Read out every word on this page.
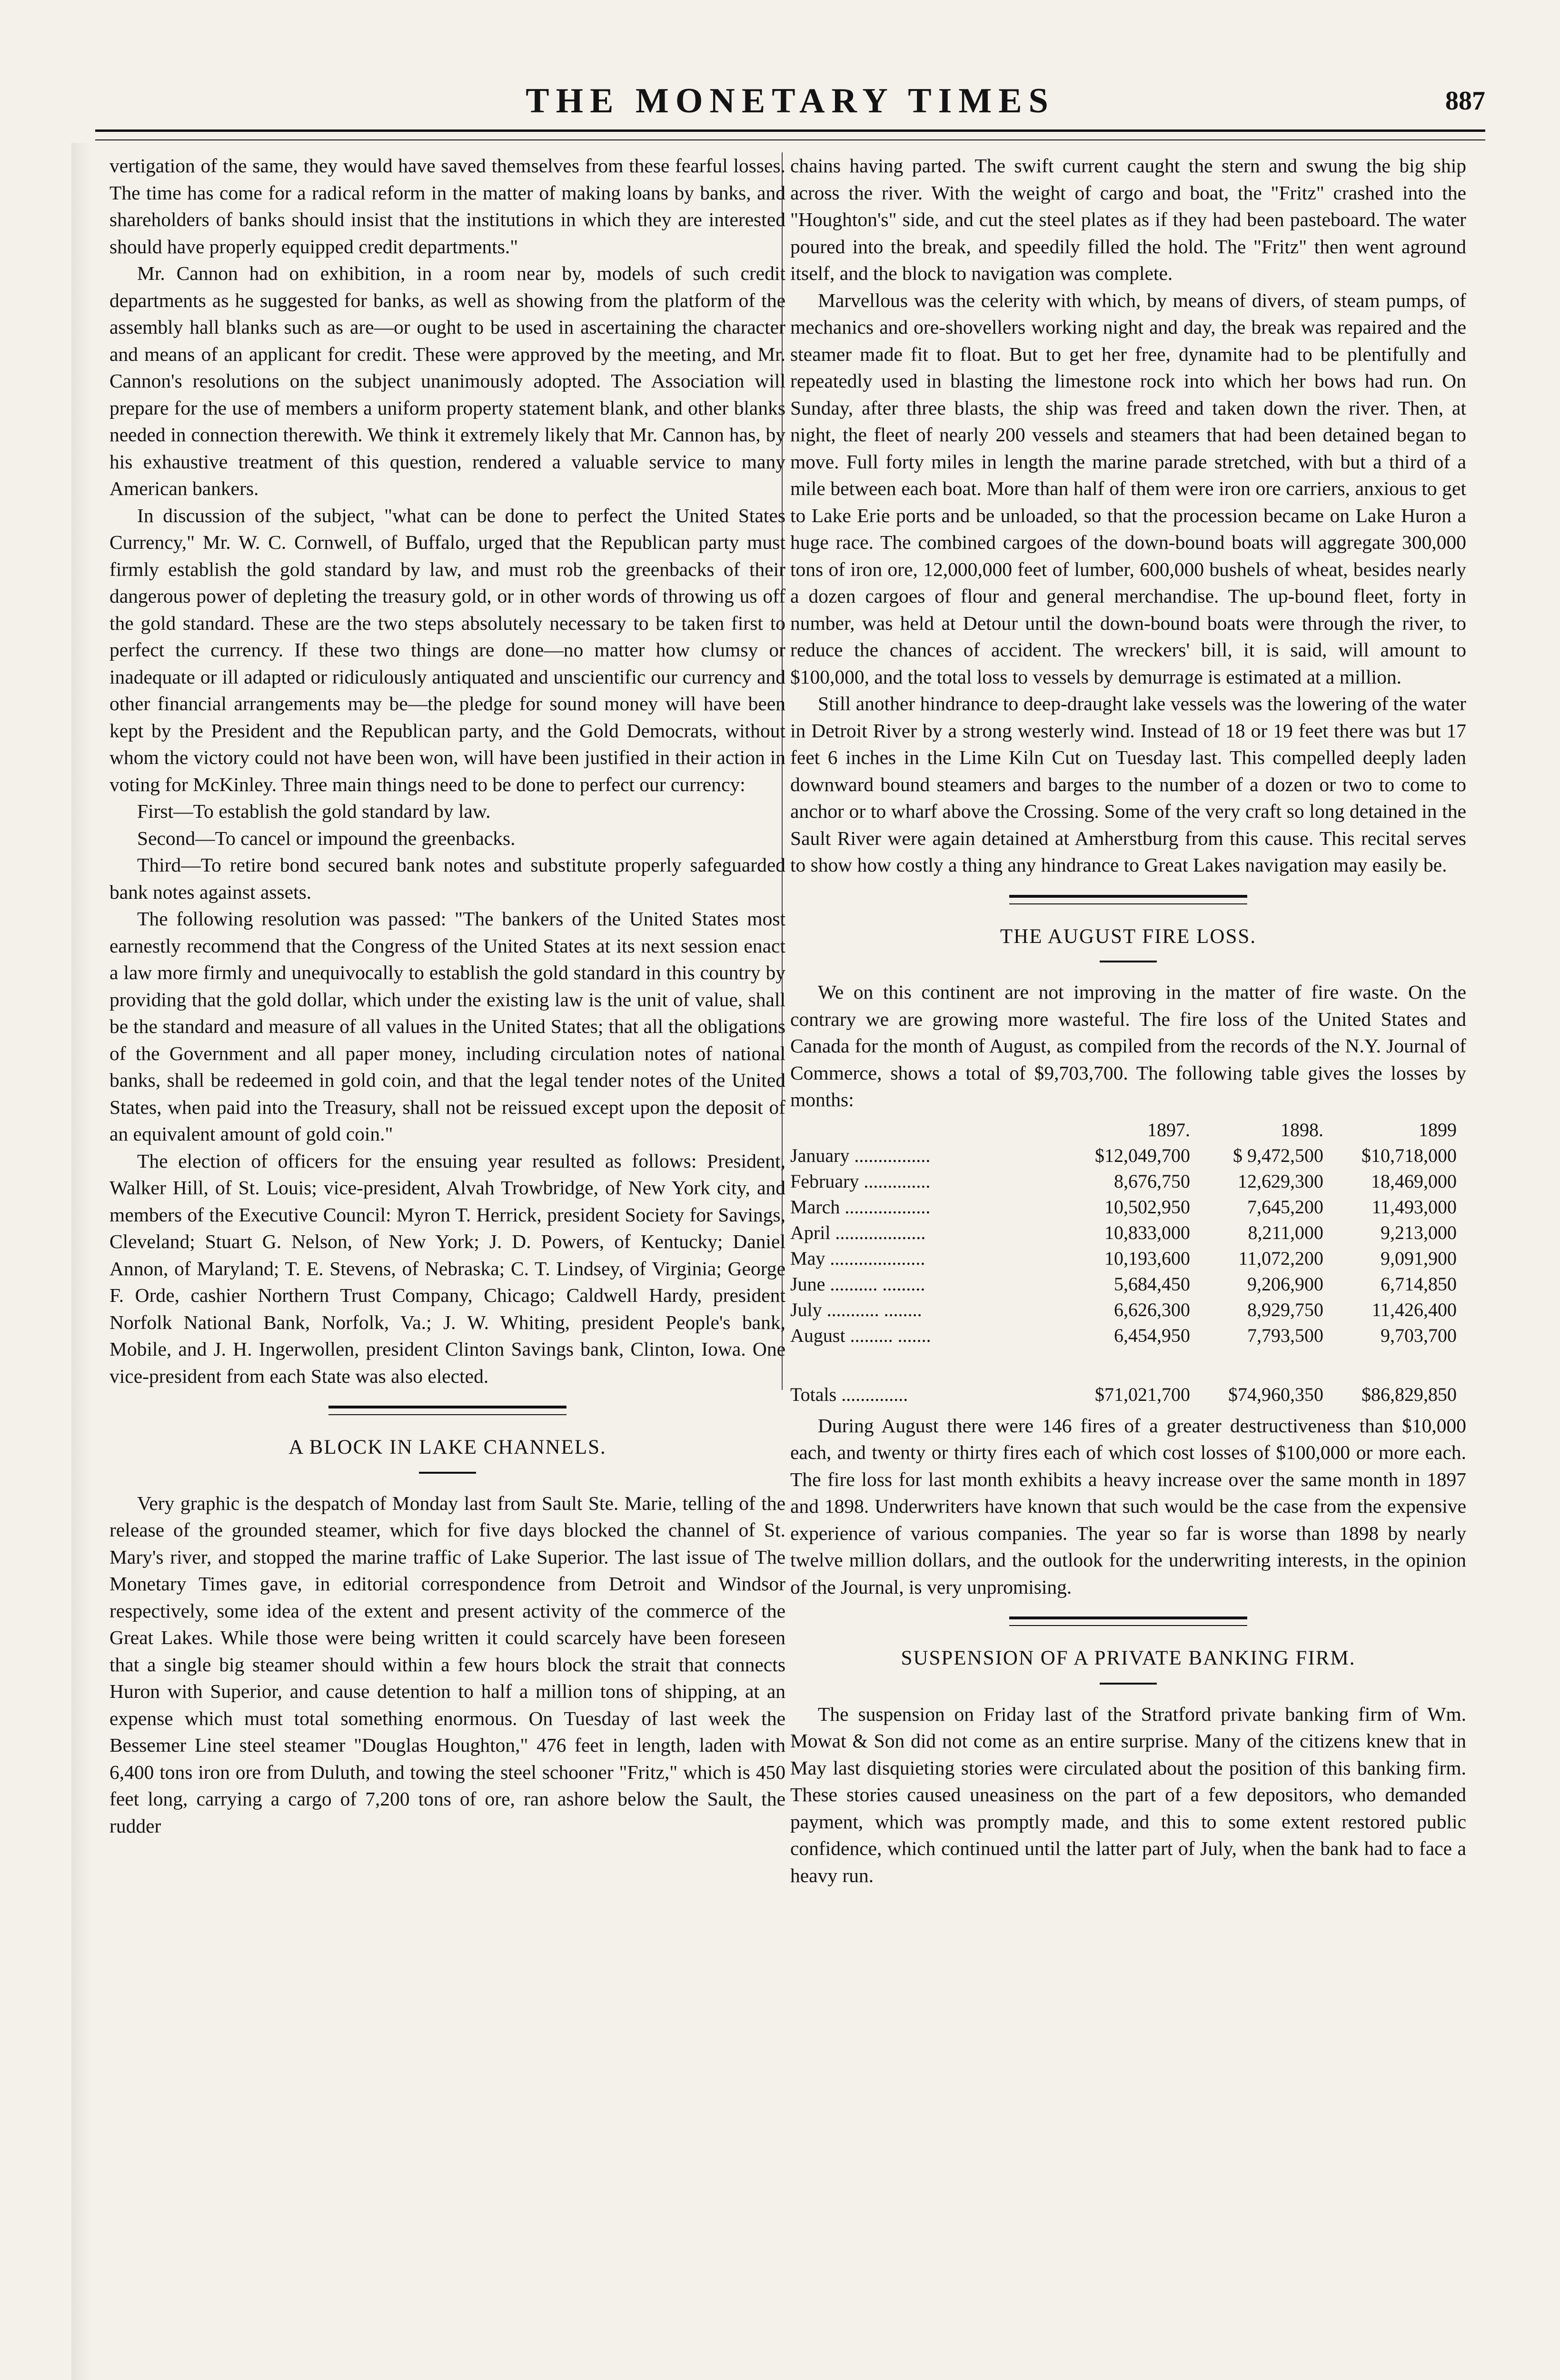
THE MONETARY TIMES	887

vertigation of the same, they would have saved themselves from these fearful losses. The time has come for a radical reform in the matter of making loans by banks, and shareholders of banks should insist that the institutions in which they are interested should have properly equipped credit departments."

Mr. Cannon had on exhibition, in a room near by, models of such credit departments as he suggested for banks, as well as showing from the platform of the assembly hall blanks such as are—or ought to be used in ascertaining the character and means of an applicant for credit. These were approved by the meeting, and Mr. Cannon's resolutions on the subject unanimously adopted. The Association will prepare for the use of members a uniform property statement blank, and other blanks needed in connection therewith. We think it extremely likely that Mr. Cannon has, by his exhaustive treatment of this question, rendered a valuable service to many American bankers.

In discussion of the subject, "what can be done to perfect the United States Currency," Mr. W. C. Cornwell, of Buffalo, urged that the Republican party must firmly establish the gold standard by law, and must rob the greenbacks of their dangerous power of depleting the treasury gold, or in other words of throwing us off the gold standard. These are the two steps absolutely necessary to be taken first to perfect the currency. If these two things are done—no matter how clumsy or inadequate or ill adapted or ridiculously antiquated and unscientific our currency and other financial arrangements may be—the pledge for sound money will have been kept by the President and the Republican party, and the Gold Democrats, without whom the victory could not have been won, will have been justified in their action in voting for McKinley. Three main things need to be done to perfect our currency:

First—To establish the gold standard by law.

Second—To cancel or impound the greenbacks.

Third—To retire bond secured bank notes and substitute properly safeguarded bank notes against assets.

The following resolution was passed: "The bankers of the United States most earnestly recommend that the Congress of the United States at its next session enact a law more firmly and unequivocally to establish the gold standard in this country by providing that the gold dollar, which under the existing law is the unit of value, shall be the standard and measure of all values in the United States; that all the obligations of the Government and all paper money, including circulation notes of national banks, shall be redeemed in gold coin, and that the legal tender notes of the United States, when paid into the Treasury, shall not be reissued except upon the deposit of an equivalent amount of gold coin."

The election of officers for the ensuing year resulted as follows: President, Walker Hill, of St. Louis; vice-president, Alvah Trowbridge, of New York city, and members of the Executive Council: Myron T. Herrick, president Society for Savings, Cleveland; Stuart G. Nelson, of New York; J. D. Powers, of Kentucky; Daniel Annon, of Maryland; T. E. Stevens, of Nebraska; C. T. Lindsey, of Virginia; George F. Orde, cashier Northern Trust Company, Chicago; Caldwell Hardy, president Norfolk National Bank, Norfolk, Va.; J. W. Whiting, president People's bank, Mobile, and J. H. Ingerwollen, president Clinton Savings bank, Clinton, Iowa. One vice-president from each State was also elected.

A BLOCK IN LAKE CHANNELS.

Very graphic is the despatch of Monday last from Sault Ste. Marie, telling of the release of the grounded steamer, which for five days blocked the channel of St. Mary's river, and stopped the marine traffic of Lake Superior. The last issue of The Monetary Times gave, in editorial correspondence from Detroit and Windsor respectively, some idea of the extent and present activity of the commerce of the Great Lakes. While those were being written it could scarcely have been foreseen that a single big steamer should within a few hours block the strait that connects Huron with Superior, and cause detention to half a million tons of shipping, at an expense which must total something enormous. On Tuesday of last week the Bessemer Line steel steamer "Douglas Houghton," 476 feet in length, laden with 6,400 tons iron ore from Duluth, and towing the steel schooner "Fritz," which is 450 feet long, carrying a cargo of 7,200 tons of ore, ran ashore below the Sault, the rudder

chains having parted. The swift current caught the stern and swung the big ship across the river. With the weight of cargo and boat, the "Fritz" crashed into the "Houghton's" side, and cut the steel plates as if they had been pasteboard. The water poured into the break, and speedily filled the hold. The "Fritz" then went aground itself, and the block to navigation was complete.

Marvellous was the celerity with which, by means of divers, of steam pumps, of mechanics and ore-shovellers working night and day, the break was repaired and the steamer made fit to float. But to get her free, dynamite had to be plentifully and repeatedly used in blasting the limestone rock into which her bows had run. On Sunday, after three blasts, the ship was freed and taken down the river. Then, at night, the fleet of nearly 200 vessels and steamers that had been detained began to move. Full forty miles in length the marine parade stretched, with but a third of a mile between each boat. More than half of them were iron ore carriers, anxious to get to Lake Erie ports and be unloaded, so that the procession became on Lake Huron a huge race. The combined cargoes of the down-bound boats will aggregate 300,000 tons of iron ore, 12,000,000 feet of lumber, 600,000 bushels of wheat, besides nearly a dozen cargoes of flour and general merchandise. The up-bound fleet, forty in number, was held at Detour until the down-bound boats were through the river, to reduce the chances of accident. The wreckers' bill, it is said, will amount to $100,000, and the total loss to vessels by demurrage is estimated at a million.

Still another hindrance to deep-draught lake vessels was the lowering of the water in Detroit River by a strong westerly wind. Instead of 18 or 19 feet there was but 17 feet 6 inches in the Lime Kiln Cut on Tuesday last. This compelled deeply laden downward bound steamers and barges to the number of a dozen or two to come to anchor or to wharf above the Crossing. Some of the very craft so long detained in the Sault River were again detained at Amherstburg from this cause. This recital serves to show how costly a thing any hindrance to Great Lakes navigation may easily be.

THE AUGUST FIRE LOSS.

We on this continent are not improving in the matter of fire waste. On the contrary we are growing more wasteful. The fire loss of the United States and Canada for the month of August, as compiled from the records of the N.Y. Journal of Commerce, shows a total of $9,703,700. The following table gives the losses by months:

	1897.	1898.	1899
January ................	$12,049,700	$ 9,472,500	$10,718,000
February ..............	8,676,750	12,629,300	18,469,000
March ..................	10,502,950	7,645,200	11,493,000
April ...................	10,833,000	8,211,000	9,213,000
May ....................	10,193,600	11,072,200	9,091,900
June .......... .........	5,684,450	9,206,900	6,714,850
July ........... ........	6,626,300	8,929,750	11,426,400
August ......... .......	6,454,950	7,793,500	9,703,700
Totals ..............	$71,021,700	$74,960,350	$86,829,850

During August there were 146 fires of a greater destructiveness than $10,000 each, and twenty or thirty fires each of which cost losses of $100,000 or more each. The fire loss for last month exhibits a heavy increase over the same month in 1897 and 1898. Underwriters have known that such would be the case from the expensive experience of various companies. The year so far is worse than 1898 by nearly twelve million dollars, and the outlook for the underwriting interests, in the opinion of the Journal, is very unpromising.

SUSPENSION OF A PRIVATE BANKING FIRM.

The suspension on Friday last of the Stratford private banking firm of Wm. Mowat & Son did not come as an entire surprise. Many of the citizens knew that in May last disquieting stories were circulated about the position of this banking firm. These stories caused uneasiness on the part of a few depositors, who demanded payment, which was promptly made, and this to some extent restored public confidence, which continued until the latter part of July, when the bank had to face a heavy run.
